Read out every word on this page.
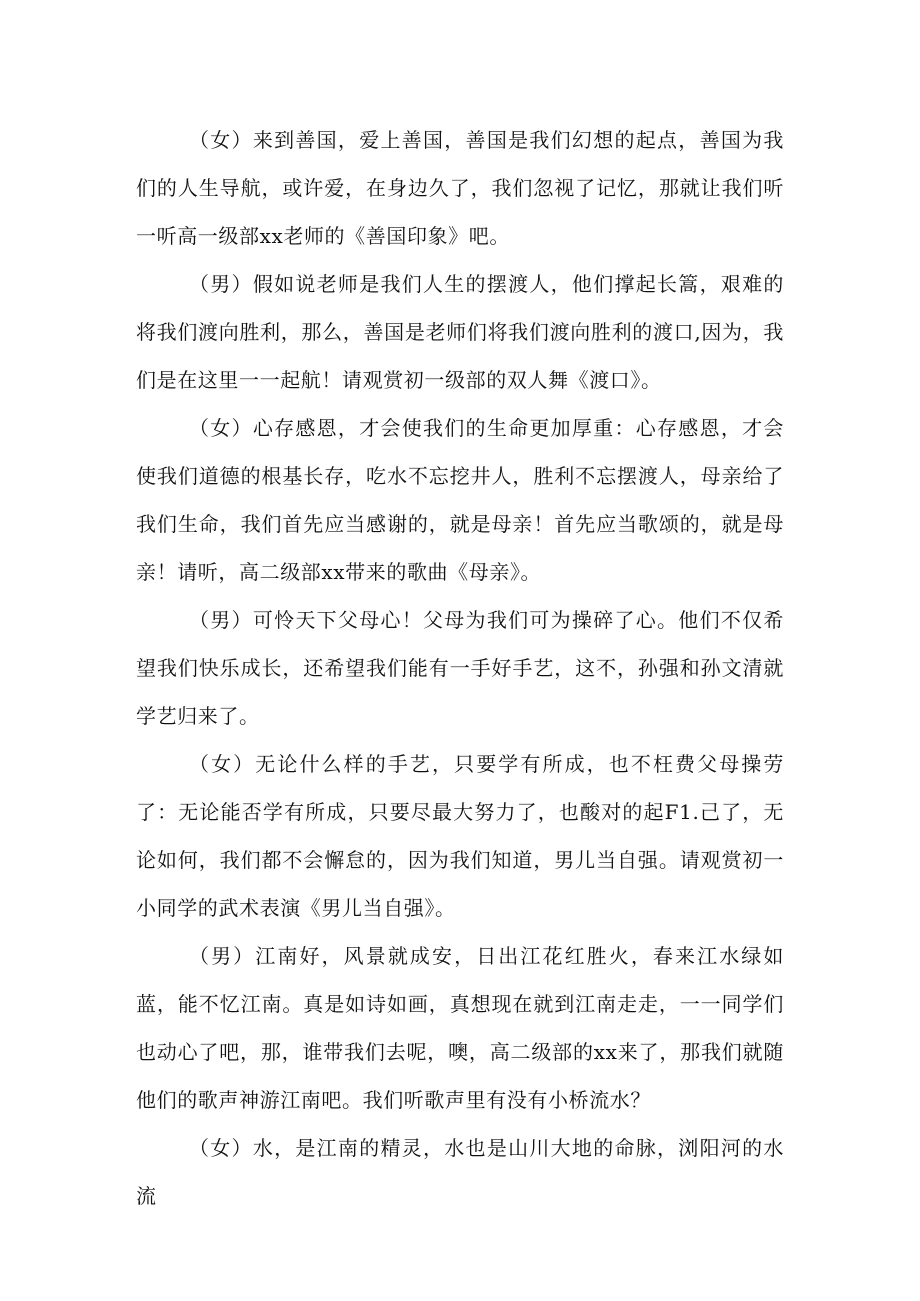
（女）来到善国，爱上善国，善国是我们幻想的起点，善国为我们的人生导航，或许爱，在身边久了，我们忽视了记忆，那就让我们听一听高一级部xx老师的《善国印象》吧。

（男）假如说老师是我们人生的摆渡人，他们撑起长篙，艰难的将我们渡向胜利，那么，善国是老师们将我们渡向胜利的渡口,因为，我们是在这里一一起航！请观赏初一级部的双人舞《渡口》。

（女）心存感恩，才会使我们的生命更加厚重：心存感恩，才会使我们道德的根基长存，吃水不忘挖井人，胜利不忘摆渡人，母亲给了我们生命，我们首先应当感谢的，就是母亲！首先应当歌颂的，就是母亲！请听，高二级部xx带来的歌曲《母亲》。

（男）可怜天下父母心！父母为我们可为操碎了心。他们不仅希望我们快乐成长，还希望我们能有一手好手艺，这不，孙强和孙文清就学艺归来了。

（女）无论什么样的手艺，只要学有所成，也不枉费父母操劳了：无论能否学有所成，只要尽最大努力了，也酸对的起F1.己了，无论如何，我们都不会懈怠的，因为我们知道，男儿当自强。请观赏初一小同学的武术表演《男儿当自强》。

（男）江南好，风景就成安，日出江花红胜火，春来江水绿如蓝，能不忆江南。真是如诗如画，真想现在就到江南走走，一一同学们也动心了吧，那，谁带我们去呢，噢，高二级部的xx来了，那我们就随他们的歌声神游江南吧。我们听歌声里有没有小桥流水？

（女）水，是江南的精灵，水也是山川大地的命脉，浏阳河的水流
